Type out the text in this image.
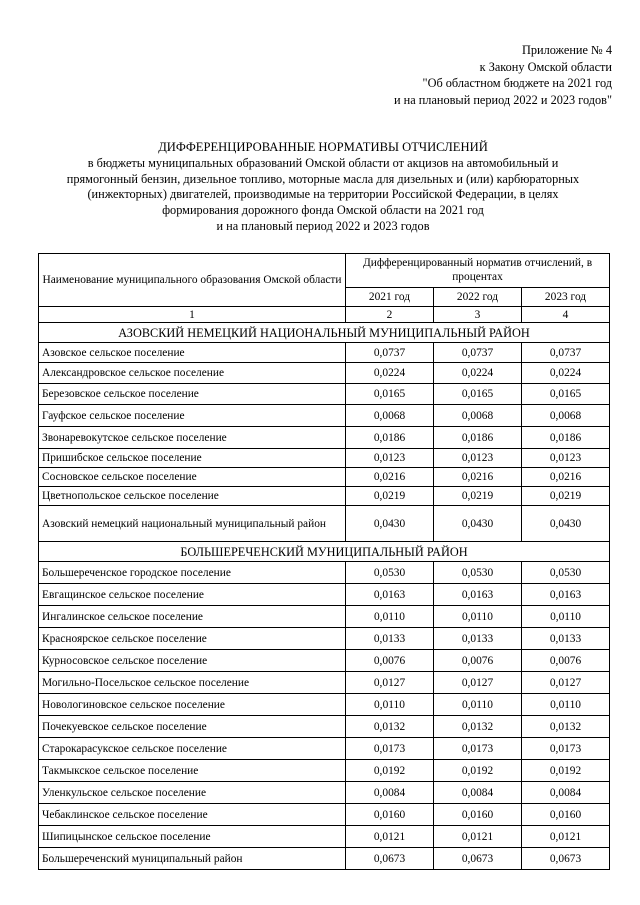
Приложение № 4
к Закону Омской области
"Об областном бюджете на 2021 год
и на плановый период 2022 и 2023 годов"
ДИФФЕРЕНЦИРОВАННЫЕ НОРМАТИВЫ ОТЧИСЛЕНИЙ
в бюджеты муниципальных образований Омской области от акцизов на автомобильный и
прямогонный бензин, дизельное топливо, моторные масла для дизельных и (или) карбюраторных
(инжекторных) двигателей, производимые на территории Российской Федерации, в целях
формирования дорожного фонда Омской области на 2021 год
и на плановый период 2022 и 2023 годов
Наименование муниципального образования Омской области	Дифференцированный норматив отчислений, в процентах		
	2021 год	2022 год	2023 год
1	2	3	4
АЗОВСКИЙ НЕМЕЦКИЙ НАЦИОНАЛЬНЫЙ МУНИЦИПАЛЬНЫЙ РАЙОН			
Азовское сельское поселение	0,0737	0,0737	0,0737
Александровское сельское поселение	0,0224	0,0224	0,0224
Березовское сельское поселение	0,0165	0,0165	0,0165
Гауфское сельское поселение	0,0068	0,0068	0,0068
Звонаревокутское сельское поселение	0,0186	0,0186	0,0186
Пришибское сельское поселение	0,0123	0,0123	0,0123
Сосновское сельское поселение	0,0216	0,0216	0,0216
Цветнопольское сельское поселение	0,0219	0,0219	0,0219
Азовский немецкий национальный муниципальный район	0,0430	0,0430	0,0430
БОЛЬШЕРЕЧЕНСКИЙ МУНИЦИПАЛЬНЫЙ РАЙОН			
Большереченское городское поселение	0,0530	0,0530	0,0530
Евгащинское сельское поселение	0,0163	0,0163	0,0163
Ингалинское сельское поселение	0,0110	0,0110	0,0110
Красноярское сельское поселение	0,0133	0,0133	0,0133
Курносовское сельское поселение	0,0076	0,0076	0,0076
Могильно-Посельское сельское поселение	0,0127	0,0127	0,0127
Новологиновское сельское поселение	0,0110	0,0110	0,0110
Почекуевское сельское поселение	0,0132	0,0132	0,0132
Старокарасукское сельское поселение	0,0173	0,0173	0,0173
Такмыкское сельское поселение	0,0192	0,0192	0,0192
Уленкульское сельское поселение	0,0084	0,0084	0,0084
Чебаклинское сельское поселение	0,0160	0,0160	0,0160
Шипицынское сельское поселение	0,0121	0,0121	0,0121
Большереченский муниципальный район	0,0673	0,0673	0,0673
